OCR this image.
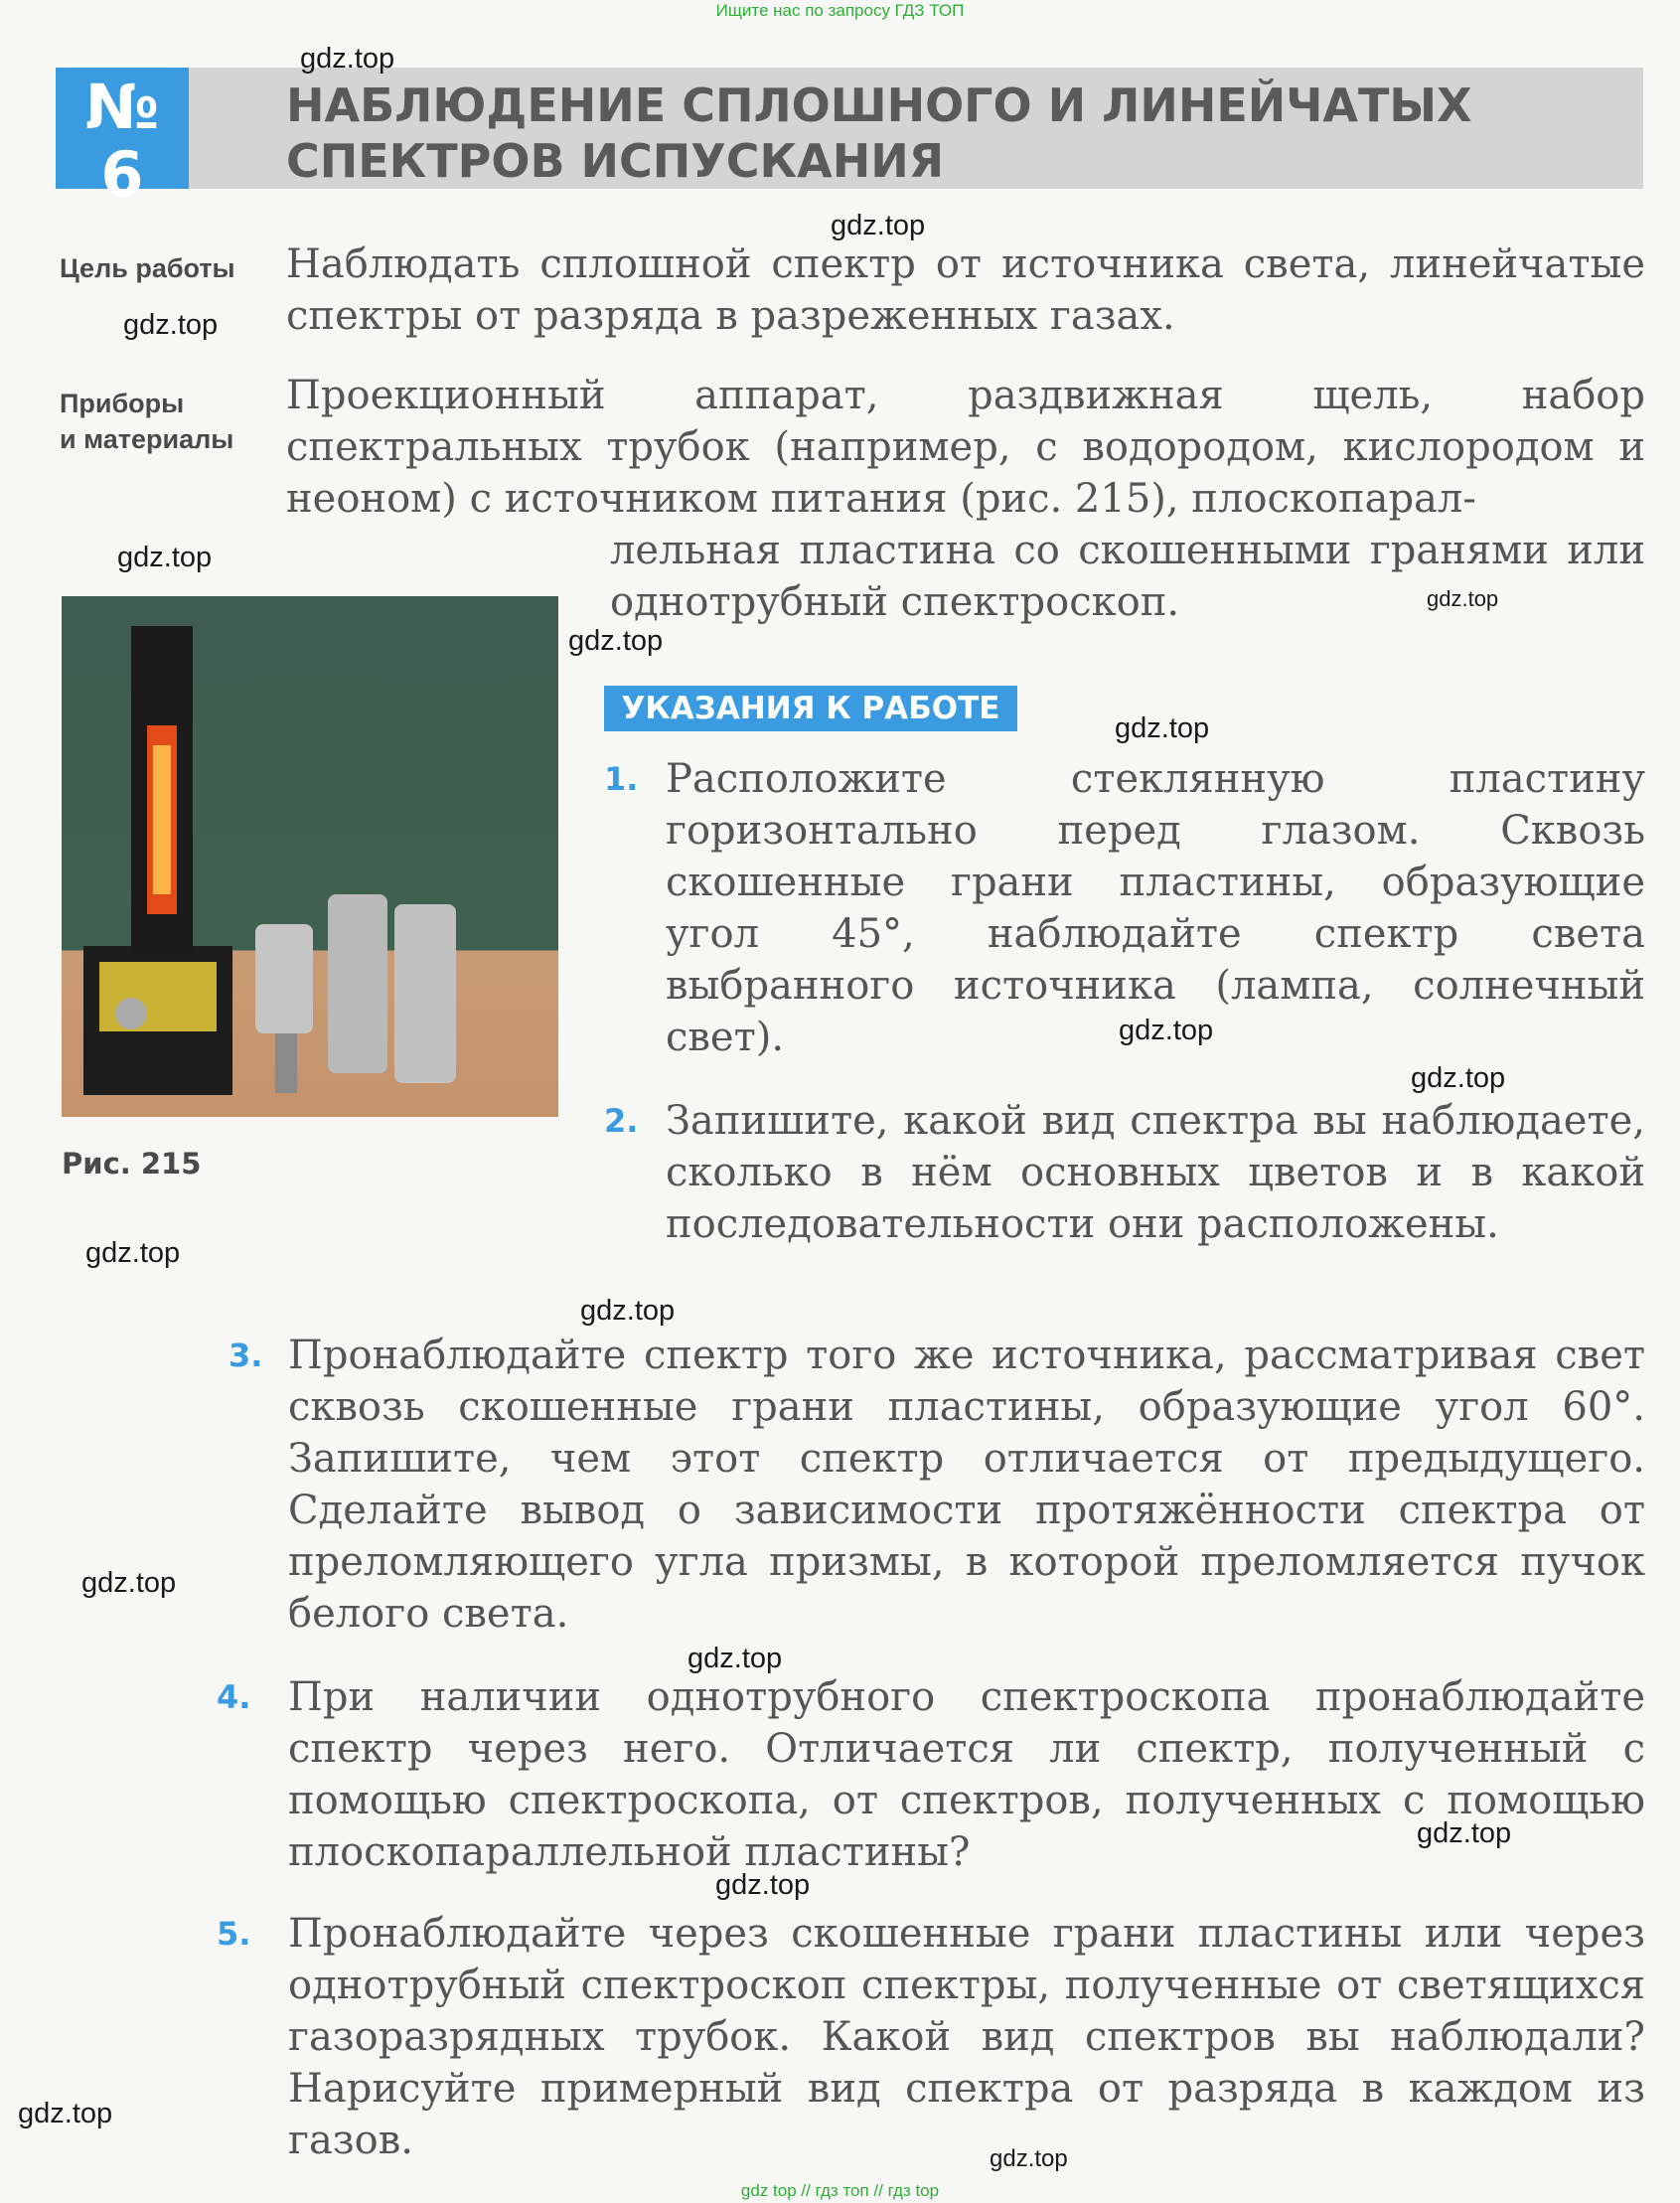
Ищите нас по запросу ГДЗ ТОП
№ 6
НАБЛЮДЕНИЕ СПЛОШНОГО И ЛИНЕЙЧАТЫХ
СПЕКТРОВ ИСПУСКАНИЯ
Цель работы Наблюдать сплошной спектр от источника света, линейчатые спектры от разряда в разреженных газах.
Приборы
и материалы
Проекционный аппарат, раздвижная щель, набор спектральных трубок (например, с водородом, кислородом и неоном) с источником питания (рис. 215), плоскопарал-
лельная пластина со скошенными гранями или однотрубный спектроскоп.
Рис. 215
УКАЗАНИЯ К РАБОТЕ
1. Расположите стеклянную пластину горизонтально перед глазом. Сквозь скошенные грани пластины, образующие угол 45°, наблюдайте спектр света выбранного источника (лампа, солнечный свет).
2. Запишите, какой вид спектра вы наблюдаете, сколько в нём основных цветов и в какой последовательности они расположены.
3. Пронаблюдайте спектр того же источника, рассматривая свет сквозь скошенные грани пластины, образующие угол 60°. Запишите, чем этот спектр отличается от предыдущего. Сделайте вывод о зависимости протяжённости спектра от преломляющего угла призмы, в которой преломляется пучок белого света.
4. При наличии однотрубного спектроскопа пронаблюдайте спектр через него. Отличается ли спектр, полученный с помощью спектроскопа, от спектров, полученных с помощью плоскопараллельной пластины?
5. Пронаблюдайте через скошенные грани пластины или через однотрубный спектроскоп спектры, полученные от светящихся газоразрядных трубок. Какой вид спектров вы наблюдали? Нарисуйте примерный вид спектра от разряда в каждом из газов.
gdz.top
gdz.top
gdz.top
gdz.top
gdz.top
gdz.top
gdz.top
gdz.top
gdz.top
gdz.top
gdz.top
gdz.top
gdz.top
gdz.top
gdz.top
gdz.top
gdz.top
gdz top // гдз топ // гдз top
